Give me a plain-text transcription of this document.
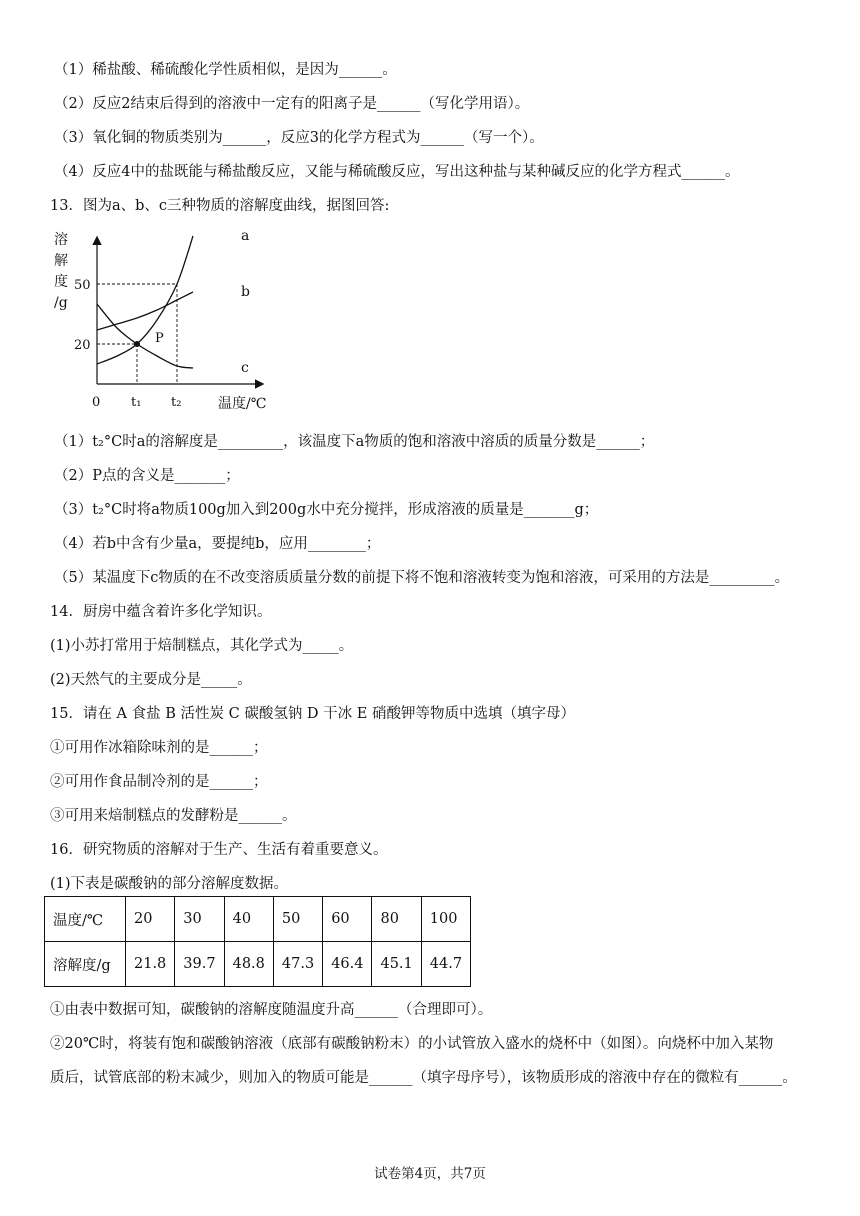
（1）稀盐酸、稀硫酸化学性质相似，是因为______。
（2）反应2结束后得到的溶液中一定有的阳离子是______（写化学用语）。
（3）氧化铜的物质类别为______，反应3的化学方程式为______（写一个）。
（4）反应4中的盐既能与稀盐酸反应，又能与稀硫酸反应，写出这种盐与某种碱反应的化学方程式______。
13．图为a、b、c三种物质的溶解度曲线，据图回答:
溶
解
度
/g
温度/℃
0
20
50
t₁ t₂
a
b
c
P
（1）t₂°C时a的溶解度是_________，该温度下a物质的饱和溶液中溶质的质量分数是______；
（2）P点的含义是_______；
（3）t₂°C时将a物质100g加入到200g水中充分搅拌，形成溶液的质量是_______g；
（4）若b中含有少量a，要提纯b，应用________；
（5）某温度下c物质的在不改变溶质质量分数的前提下将不饱和溶液转变为饱和溶液，可采用的方法是_________。
14．厨房中蕴含着许多化学知识。
(1)小苏打常用于焙制糕点，其化学式为_____。
(2)天然气的主要成分是_____。
15．请在 A 食盐 B 活性炭 C 碳酸氢钠 D 干冰 E 硝酸钾等物质中选填（填字母）
①可用作冰箱除味剂的是______；
②可用作食品制冷剂的是______；
③可用来焙制糕点的发酵粉是______。
16．研究物质的溶解对于生产、生活有着重要意义。
(1)下表是碳酸钠的部分溶解度数据。
温度/℃	20	30	40	50	60	80	100
溶解度/g	21.8	39.7	48.8	47.3	46.4	45.1	44.7
①由表中数据可知，碳酸钠的溶解度随温度升高______（合理即可）。
②20℃时，将装有饱和碳酸钠溶液（底部有碳酸钠粉末）的小试管放入盛水的烧杯中（如图）。向烧杯中加入某物
质后，试管底部的粉末减少，则加入的物质可能是______（填字母序号），该物质形成的溶液中存在的微粒有______。
试卷第4页，共7页
